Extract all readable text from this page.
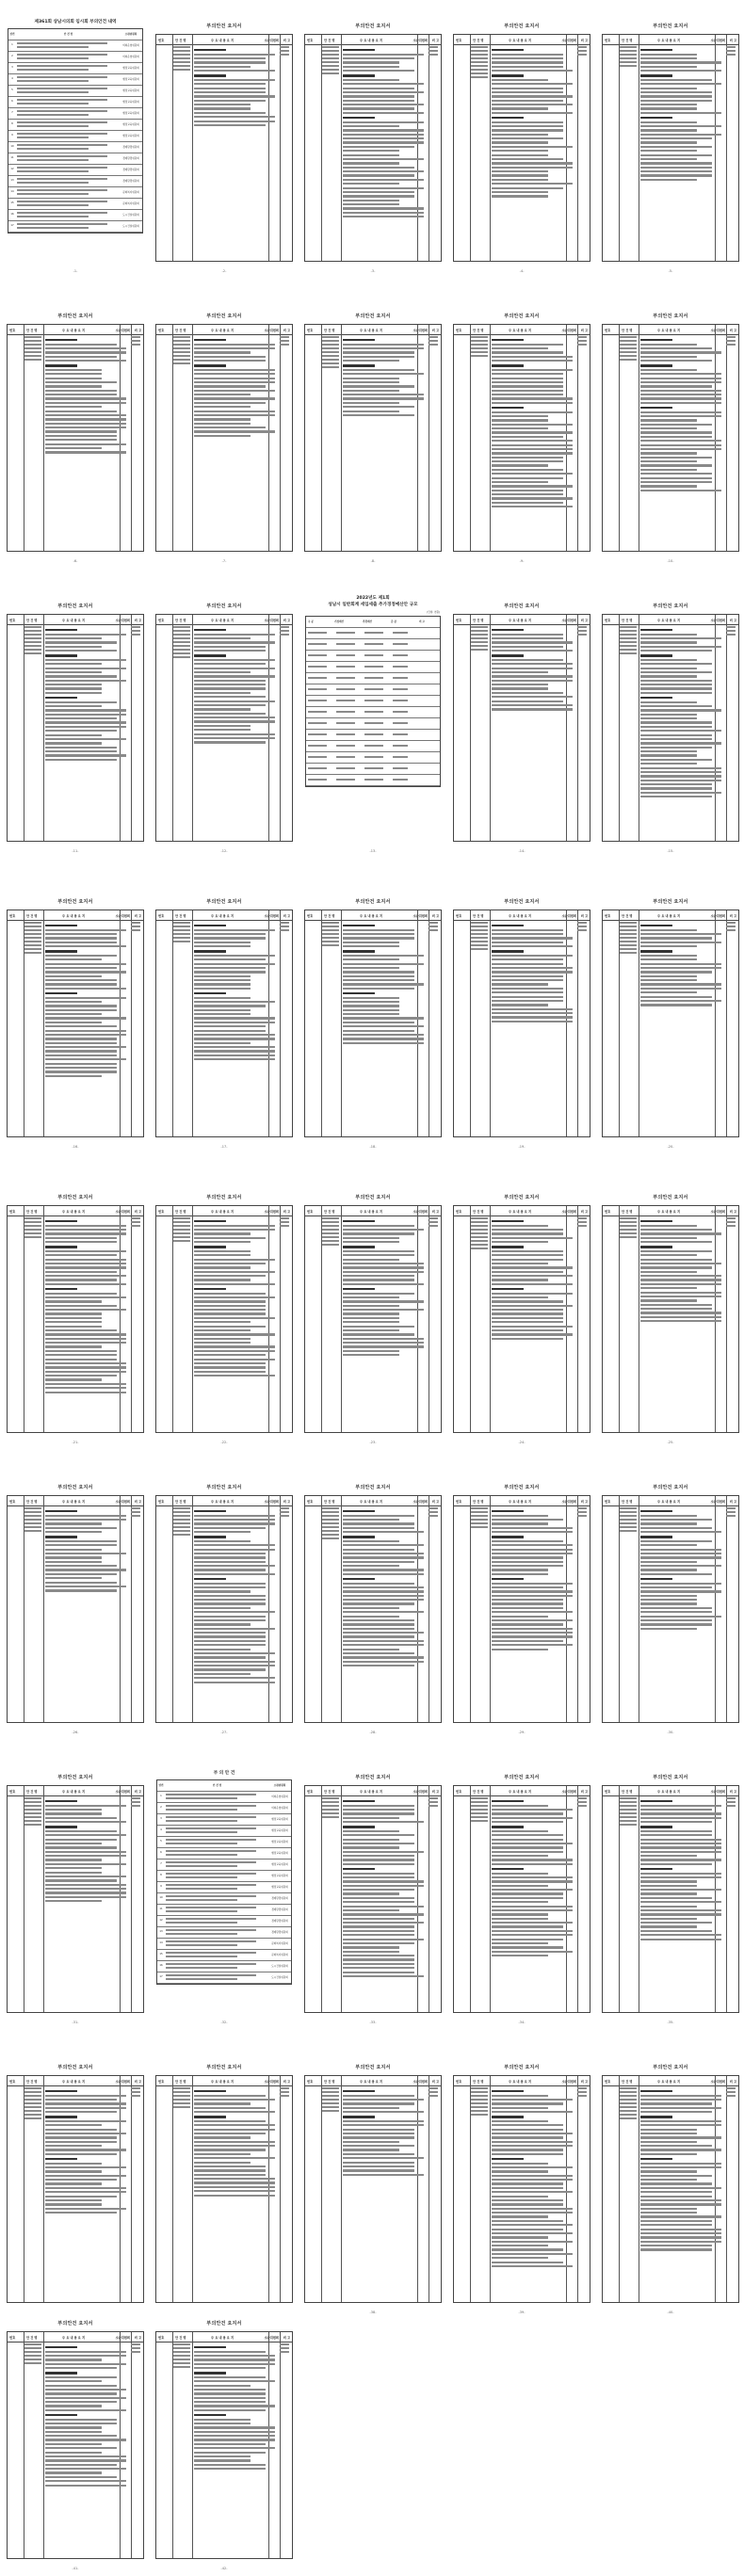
제361회 상남시의회 임시회 부의안건 내역
연번	안 건 명	소관위원회
1	의회운영위원회
2	의회운영위원회
3	행정교육위원회
4	행정교육위원회
5	행정교육위원회
6	행정교육위원회
7	행정교육위원회
8	행정교육위원회
9	행정교육위원회
10	경제환경위원회
11	경제환경위원회
12	경제환경위원회
13	경제환경위원회
14	문화복지위원회
15	문화복지위원회
16	도시건설위원회
17	도시건설위원회
-1-
부의안건 요지서
번호	안 건 명	주 요 내 용 요 지	소관위원회 비 고
-2-
부의안건 요지서
번호	안 건 명	주 요 내 용 요 지	소관위원회 비 고
-3-
부의안건 요지서
번호	안 건 명	주 요 내 용 요 지	소관위원회 비 고
-4-
부의안건 요지서
번호	안 건 명	주 요 내 용 요 지	소관위원회 비 고
-5-
부의안건 요지서
번호	안 건 명	주 요 내 용 요 지	소관위원회 비 고
-6-
부의안건 요지서
번호	안 건 명	주 요 내 용 요 지	소관위원회 비 고
-7-
부의안건 요지서
번호	안 건 명	주 요 내 용 요 지	소관위원회 비 고
-8-
부의안건 요지서
번호	안 건 명	주 요 내 용 요 지	소관위원회 비 고
-9-
부의안건 요지서
번호	안 건 명	주 요 내 용 요 지	소관위원회 비 고
-10-
부의안건 요지서
번호	안 건 명	주 요 내 용 요 지	소관위원회 비 고
-11-
부의안건 요지서
번호	안 건 명	주 요 내 용 요 지	소관위원회 비 고
-12-
2022년도 제1회
성남시 일반회계 세입세출 추가경정예산안 규모
(단위: 천원)
구 분	기정예산	추경예산	증 감	비 고
-13-
부의안건 요지서
번호	안 건 명	주 요 내 용 요 지	소관위원회 비 고
-14-
부의안건 요지서
번호	안 건 명	주 요 내 용 요 지	소관위원회 비 고
-15-
부의안건 요지서
번호	안 건 명	주 요 내 용 요 지	소관위원회 비 고
-16-
부의안건 요지서
번호	안 건 명	주 요 내 용 요 지	소관위원회 비 고
-17-
부의안건 요지서
번호	안 건 명	주 요 내 용 요 지	소관위원회 비 고
-18-
부의안건 요지서
번호	안 건 명	주 요 내 용 요 지	소관위원회 비 고
-19-
부의안건 요지서
번호	안 건 명	주 요 내 용 요 지	소관위원회 비 고
-20-
부의안건 요지서
번호	안 건 명	주 요 내 용 요 지	소관위원회 비 고
-21-
부의안건 요지서
번호	안 건 명	주 요 내 용 요 지	소관위원회 비 고
-22-
부의안건 요지서
번호	안 건 명	주 요 내 용 요 지	소관위원회 비 고
-23-
부의안건 요지서
번호	안 건 명	주 요 내 용 요 지	소관위원회 비 고
-24-
부의안건 요지서
번호	안 건 명	주 요 내 용 요 지	소관위원회 비 고
-25-
부의안건 요지서
번호	안 건 명	주 요 내 용 요 지	소관위원회 비 고
-26-
부의안건 요지서
번호	안 건 명	주 요 내 용 요 지	소관위원회 비 고
-27-
부의안건 요지서
번호	안 건 명	주 요 내 용 요 지	소관위원회 비 고
-28-
부의안건 요지서
번호	안 건 명	주 요 내 용 요 지	소관위원회 비 고
-29-
부의안건 요지서
번호	안 건 명	주 요 내 용 요 지	소관위원회 비 고
-30-
부의안건 요지서
번호	안 건 명	주 요 내 용 요 지	소관위원회 비 고
-31-
부 의 안 건
연번	안 건 명	소관위원회
1	의회운영위원회
2	의회운영위원회
3	행정교육위원회
4	행정교육위원회
5	행정교육위원회
6	행정교육위원회
7	행정교육위원회
8	행정교육위원회
9	행정교육위원회
10	경제환경위원회
11	경제환경위원회
12	경제환경위원회
13	경제환경위원회
14	문화복지위원회
15	문화복지위원회
16	도시건설위원회
17	도시건설위원회
-32-
부의안건 요지서
번호	안 건 명	주 요 내 용 요 지	소관위원회 비 고
-33-
부의안건 요지서
번호	안 건 명	주 요 내 용 요 지	소관위원회 비 고
-34-
부의안건 요지서
번호	안 건 명	주 요 내 용 요 지	소관위원회 비 고
-35-
부의안건 요지서
번호	안 건 명	주 요 내 용 요 지	소관위원회 비 고
부의안건 요지서
번호	안 건 명	주 요 내 용 요 지	소관위원회 비 고
부의안건 요지서
번호	안 건 명	주 요 내 용 요 지	소관위원회 비 고
-38-
부의안건 요지서
번호	안 건 명	주 요 내 용 요 지	소관위원회 비 고
-39-
부의안건 요지서
번호	안 건 명	주 요 내 용 요 지	소관위원회 비 고
-40-
부의안건 요지서
번호	안 건 명	주 요 내 용 요 지	소관위원회 비 고
-41-
부의안건 요지서
번호	안 건 명	주 요 내 용 요 지	소관위원회 비 고
-42-
